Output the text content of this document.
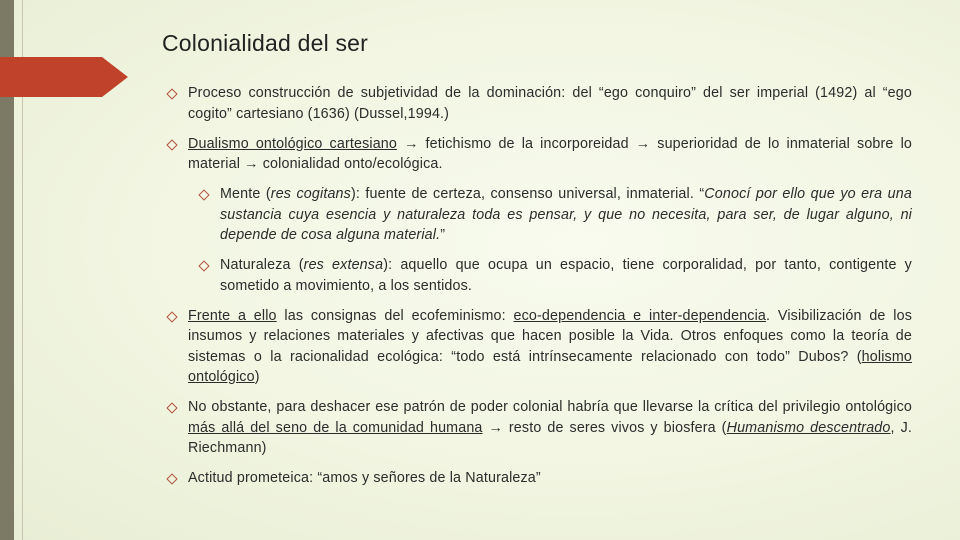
Colonialidad del ser
Proceso construcción de subjetividad de la dominación: del “ego conquiro” del ser imperial (1492) al “ego cogito” cartesiano (1636) (Dussel,1994.)
Dualismo ontológico cartesiano → fetichismo de la incorporeidad → superioridad de lo inmaterial sobre lo material → colonialidad onto/ecológica.
Mente (res cogitans): fuente de certeza, consenso universal, inmaterial. “Conocí por ello que yo era una sustancia cuya esencia y naturaleza toda es pensar, y que no necesita, para ser, de lugar alguno, ni depende de cosa alguna material.”
Naturaleza (res extensa): aquello que ocupa un espacio, tiene corporalidad, por tanto, contigente y sometido a movimiento, a los sentidos.
Frente a ello las consignas del ecofeminismo: eco-dependencia e inter-dependencia. Visibilización de los insumos y relaciones materiales y afectivas que hacen posible la Vida. Otros enfoques como la teoría de sistemas o la racionalidad ecológica: “todo está intrínsecamente relacionado con todo” Dubos? (holismo ontológico)
No obstante, para deshacer ese patrón de poder colonial habría que llevarse la crítica del privilegio ontológico más allá del seno de la comunidad humana → resto de seres vivos y biosfera (Humanismo descentrado, J. Riechmann)
Actitud prometeica: “amos y señores de la Naturaleza”
